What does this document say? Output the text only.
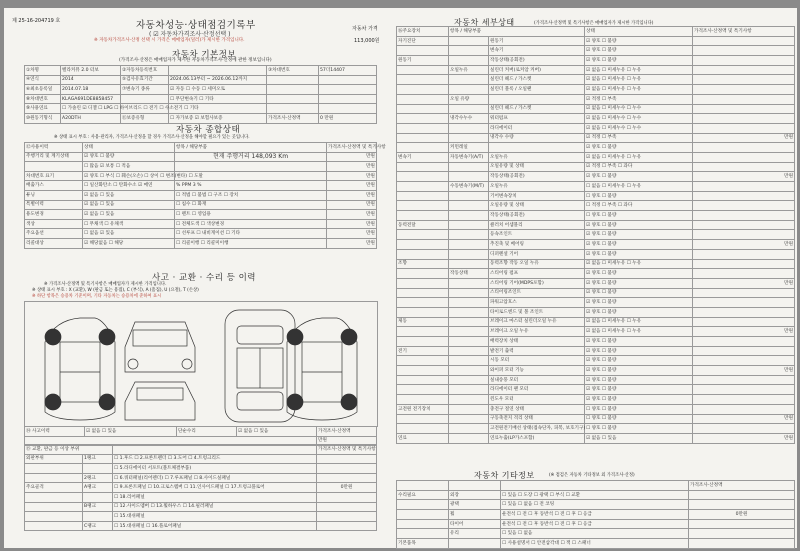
제 25-16-204719 호	자동차성능·상태점검기록부
( ☑ 자동차가격조사·산정선택 )
※ 자동차가격조사·산정 선택 시 가격은 매매업자(딜러)가 제시한 가격입니다.
자동차 가격
113,000원
자동차 기본정보
(가격조사·산정은 매매업자가 제시한 자동차가격조사·산정에 관한 정보입니다)
①차명	벨라커뮤 2.0 터보	②자동차등록번호		③차대번호	57더14407
④연식	2014	⑤검사유효기간	2024.06.13부터 ~ 2026.06.12까지		
⑥최초등록일	2014.07.18	⑦변속기 종류	☑ 자동 ☐ 수동 ☐ 세미오토		
⑧차대번호	KLAGA691DE8858457		☐ 무단변속기 ☐ 기타		
⑨사용연료	☐ 가솔린 ☑ 디젤 ☐ LPG ☐ 하이브리드 ☐ 전기 ☐ 수소전기 ☐ 기타				
⑩원동기형식	A20DTH	⑪보증유형	☐ 자가보증 ☑ 보험사보증	가격조사·산정액	0 만원
자동차 종합상태
※ 상태 표시 부호 : 사용·관리자, 가격조사·산정을 할 경우 가격조사·산정을 해야할 필요가 있는 곳입니다.
⑫사용이력	상태	항목 / 해당부품	가격조사·산정액 및 특기사항
주행거리 및 계기상태	☑ 양호 ☐ 불량	현재 주행거리 148,093 Km	만원
	☐ 많음 ☑ 보통 ☐ 적음		만원
차대번호 표기	☑ 양호 ☐ 부식 ☐ 훼손(오손) ☐ 상이 ☐ 변조(변타) ☐ 도말		만원
배출가스	☐ 일산화탄소 ☐ 탄화수소 ☑ 매연	% PPM 3 %	만원
튜닝	☑ 없음 ☐ 있음	☐ 적법 ☐ 불법 ☐ 구조 ☐ 장치	만원
특별이력	☑ 없음 ☐ 있음	☐ 침수 ☐ 화재	만원
용도변경	☑ 없음 ☐ 있음	☐ 렌트 ☐ 영업용	만원
색상	☐ 무채색 ☐ 유채색	☐ 전체도색 ☐ 색상변경	만원
주요옵션	☐ 없음 ☑ 있음	☐ 선루프 ☐ 내비게이션 ☐ 기타	만원
리콜대상	☑ 해당없음 ☐ 해당	☐ 리콜이행 ☐ 리콜미이행	만원
사고 · 교환 · 수리 등 이력
※ 가격조사·산정액 및 특기사항은 매매업자가 제시한 가격입니다.
※ 상태 표시 부호 : X (교환), W (판금 또는 용접), C (부식), A (흠집), U (요철), T (손상)
※ 하단 항목은 승용차 기준이며, 기타 자동차는 승용차에 준하여 표시
⑭ 사고이력	☑ 없음 ☐ 있음	단순수리	☑ 없음 ☐ 있음	가격조사·산정액
				만원
⑮ 교환, 판금 등 이상 부위			가격조사·산정액 및 특기사항
외판부위	1랭크	☐ 1.후드 ☐ 2.프론트펜더 ☐ 3.도어 ☐ 4.트렁크리드	
		☐ 5.라디에이터 서포트(볼트체결부품)	
	2랭크	☐ 6.쿼터패널(리어펜더) ☐ 7.루프패널 ☐ 8.사이드실패널	
주요골격	A랭크	☐ 9.프론트패널 ☐ 10.크로스멤버 ☐ 11.인사이드패널 ☐ 17.트렁크플로어	0만원
		☐ 18.리어패널	
	B랭크	☐ 12.사이드멤버 ☐ 13.휠하우스 ☐ 14.필러패널	
		☐ 15.대쉬패널	
	C랭크	☐ 15.대쉬패널 ☐ 16.플로어패널	
자동차 세부상태	(가격조사·산정액 및 특기사항은 매매업자가 제시한 가격입니다)
⑯주요장치	항목 / 해당부품		상태	가격조사·산정액 및 특기사항
자기진단		원동기	☑ 양호 ☐ 불량	
		변속기	☑ 양호 ☐ 불량	
원동기		작동상태(공회전)	☑ 양호 ☐ 불량	
	오일누유	실린더 커버(로커암 커버)	☑ 없음 ☐ 미세누유 ☐ 누유	
		실린더 헤드 / 가스켓	☑ 없음 ☐ 미세누유 ☐ 누유	
		실린더 블록 / 오일팬	☑ 없음 ☐ 미세누유 ☐ 누유	
	오일 유량		☑ 적정 ☐ 부족	
		실린더 헤드 / 가스켓	☑ 없음 ☐ 미세누수 ☐ 누수	
	냉각수누수	워터펌프	☑ 없음 ☐ 미세누수 ☐ 누수	
		라디에이터	☑ 없음 ☐ 미세누수 ☐ 누수	
		냉각수 수량	☑ 적정 ☐ 부족	만원
	커먼레일		☑ 양호 ☐ 불량	
변속기	자동변속기(A/T)	오일누유	☑ 없음 ☐ 미세누유 ☐ 누유	
		오일유량 및 상태	☑ 적정 ☐ 부족 ☐ 과다	
		작동상태(공회전)	☑ 양호 ☐ 불량	만원
	수동변속기(M/T)	오일누유	☐ 없음 ☐ 미세누유 ☐ 누유	
		기어변속장치	☐ 양호 ☐ 불량	
		오일유량 및 상태	☐ 적정 ☐ 부족 ☐ 과다	
		작동상태(공회전)	☐ 양호 ☐ 불량	
동력전달		클러치 어셈블리	☑ 양호 ☐ 불량	
		등속조인트	☑ 양호 ☐ 불량	
		추진축 및 베어링	☑ 양호 ☐ 불량	만원
		디퍼렌셜 기어	☑ 양호 ☐ 불량	
조향		동력조향 작동 오일 누유	☑ 없음 ☐ 미세누유 ☐ 누유	
	작동상태	스티어링 펌프	☑ 양호 ☐ 불량	
		스티어링 기어(MDPS포함)	☑ 양호 ☐ 불량	만원
		스티어링조인트	☑ 양호 ☐ 불량	
		파워고압호스	☑ 양호 ☐ 불량	
		타이로드엔드 및 볼 조인트	☑ 양호 ☐ 불량	
제동		브레이크 마스터 실린더오일 누유	☑ 없음 ☐ 미세누유 ☐ 누유	
		브레이크 오일 누유	☑ 없음 ☐ 미세누유 ☐ 누유	만원
		배력장치 상태	☑ 양호 ☐ 불량	
전기		발전기 출력	☑ 양호 ☐ 불량	
		시동 모터	☑ 양호 ☐ 불량	
		와이퍼 모터 기능	☑ 양호 ☐ 불량	만원
		실내송풍 모터	☑ 양호 ☐ 불량	
		라디에이터 팬 모터	☑ 양호 ☐ 불량	
		윈도우 모터	☑ 양호 ☐ 불량	
고전원 전기장치		충전구 절연 상태	☐ 양호 ☐ 불량	
		구동축전지 격리 상태	☐ 양호 ☐ 불량	만원
		고전원전기배선 상태(접속단자, 피복, 보호기구)	☐ 양호 ☐ 불량	
연료		연료누출(LP가스포함)	☑ 없음 ☐ 있음	만원
자동차 기타정보	(※ 점검은 자동차 기타정보 외 가격조사·산정)
			가격조사·산정액
수리필요	외장	☐ 있음 ☐ 도장 ☐ 광택 ☐ 부식 ☐ 교환	
	광택	☐ 있음 ☐ 없음 ☐ 전 코팅	
	휠	운전석 ☐ 전 ☐ 후 동반석 ☐ 전 ☐ 후 ☐ 응급	0만원
	타이어	운전석 ☐ 전 ☐ 후 동반석 ☐ 전 ☐ 후 ☐ 응급	
	유리	☐ 있음 ☐ 없음	
기본품목		☐ 사용설명서 ☐ 안전삼각대 ☐ 잭 ☐ 스패너	
